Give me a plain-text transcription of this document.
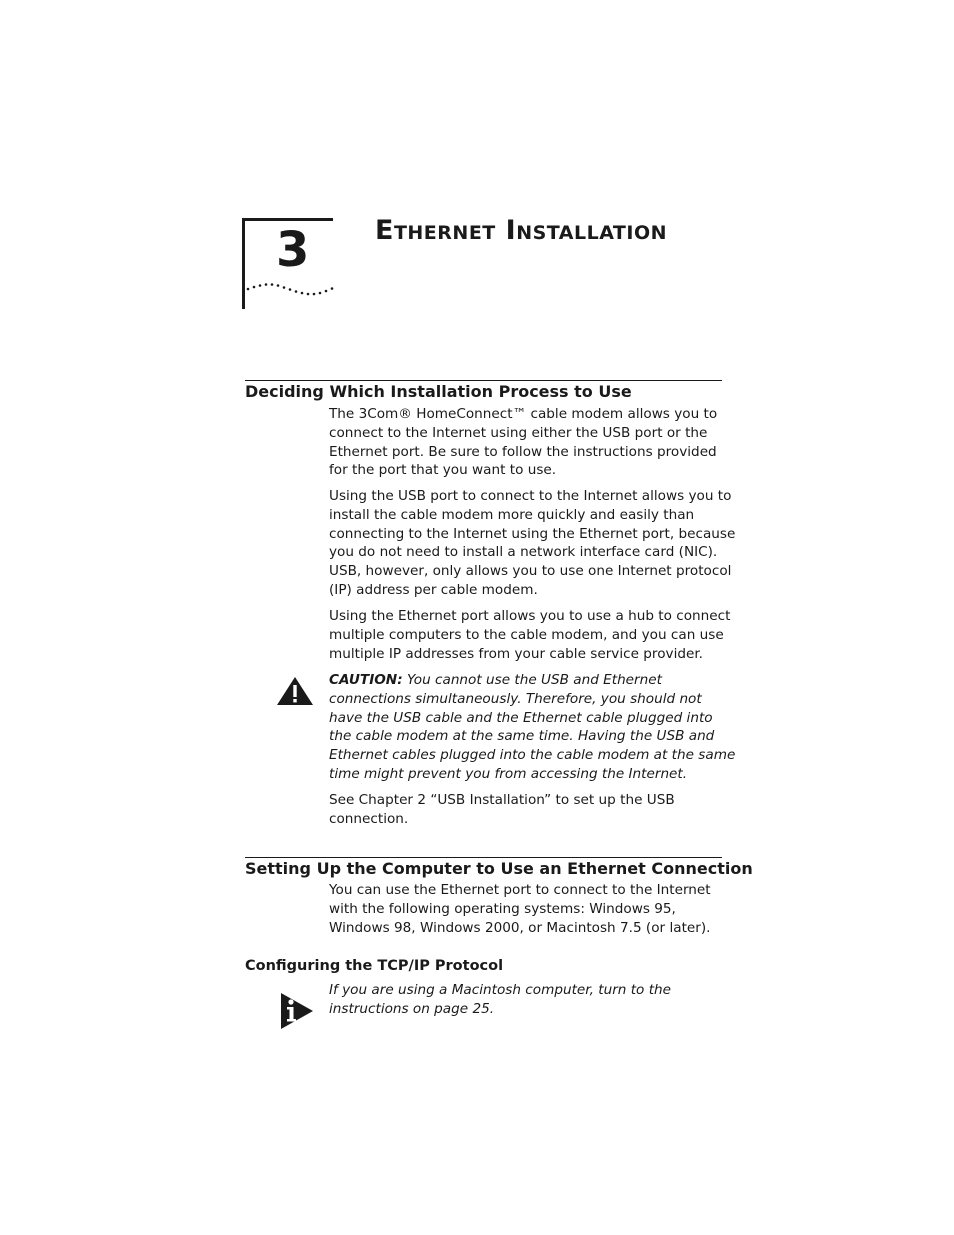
3 Ethernet Installation
Deciding Which Installation Process to Use

The 3Com® HomeConnect™ cable modem allows you to
connect to the Internet using either the USB port or the
Ethernet port. Be sure to follow the instructions provided
for the port that you want to use.

Using the USB port to connect to the Internet allows you to
install the cable modem more quickly and easily than
connecting to the Internet using the Ethernet port, because
you do not need to install a network interface card (NIC).
USB, however, only allows you to use one Internet protocol
(IP) address per cable modem.

Using the Ethernet port allows you to use a hub to connect
multiple computers to the cable modem, and you can use
multiple IP addresses from your cable service provider.

CAUTION: You cannot use the USB and Ethernet
connections simultaneously. Therefore, you should not
have the USB cable and the Ethernet cable plugged into
the cable modem at the same time. Having the USB and
Ethernet cables plugged into the cable modem at the same
time might prevent you from accessing the Internet.

See Chapter 2 “USB Installation” to set up the USB
connection.

Setting Up the Computer to Use an Ethernet Connection

You can use the Ethernet port to connect to the Internet
with the following operating systems: Windows 95,
Windows 98, Windows 2000, or Macintosh 7.5 (or later).

Configuring the TCP/IP Protocol

If you are using a Macintosh computer, turn to the
instructions on page 25.
